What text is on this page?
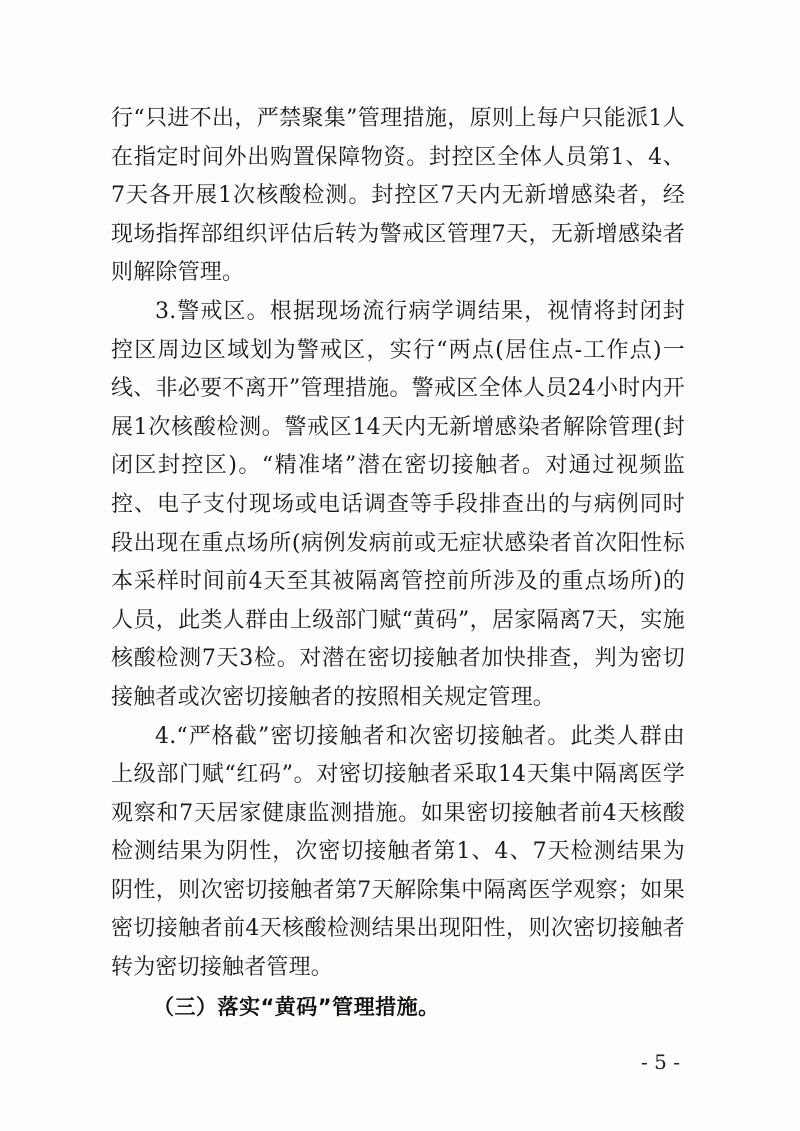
行“只进不出，严禁聚集”管理措施，原则上每户只能派1人在指定时间外出购置保障物资。封控区全体人员第1、4、7天各开展1次核酸检测。封控区7天内无新增感染者，经现场指挥部组织评估后转为警戒区管理7天，无新增感染者则解除管理。

3.警戒区。根据现场流行病学调结果，视情将封闭封控区周边区域划为警戒区，实行“两点(居住点-工作点)一线、非必要不离开”管理措施。警戒区全体人员24小时内开展1次核酸检测。警戒区14天内无新增感染者解除管理(封闭区封控区)。“精准堵”潜在密切接触者。对通过视频监控、电子支付现场或电话调查等手段排查出的与病例同时段出现在重点场所(病例发病前或无症状感染者首次阳性标本采样时间前4天至其被隔离管控前所涉及的重点场所)的人员，此类人群由上级部门赋“黄码”，居家隔离7天，实施核酸检测7天3检。对潜在密切接触者加快排查，判为密切接触者或次密切接触者的按照相关规定管理。

4.“严格截”密切接触者和次密切接触者。此类人群由上级部门赋“红码”。对密切接触者采取14天集中隔离医学观察和7天居家健康监测措施。如果密切接触者前4天核酸检测结果为阴性，次密切接触者第1、4、7天检测结果为阴性，则次密切接触者第7天解除集中隔离医学观察；如果密切接触者前4天核酸检测结果出现阳性，则次密切接触者转为密切接触者管理。

（三）落实“黄码”管理措施。

- 5 -
